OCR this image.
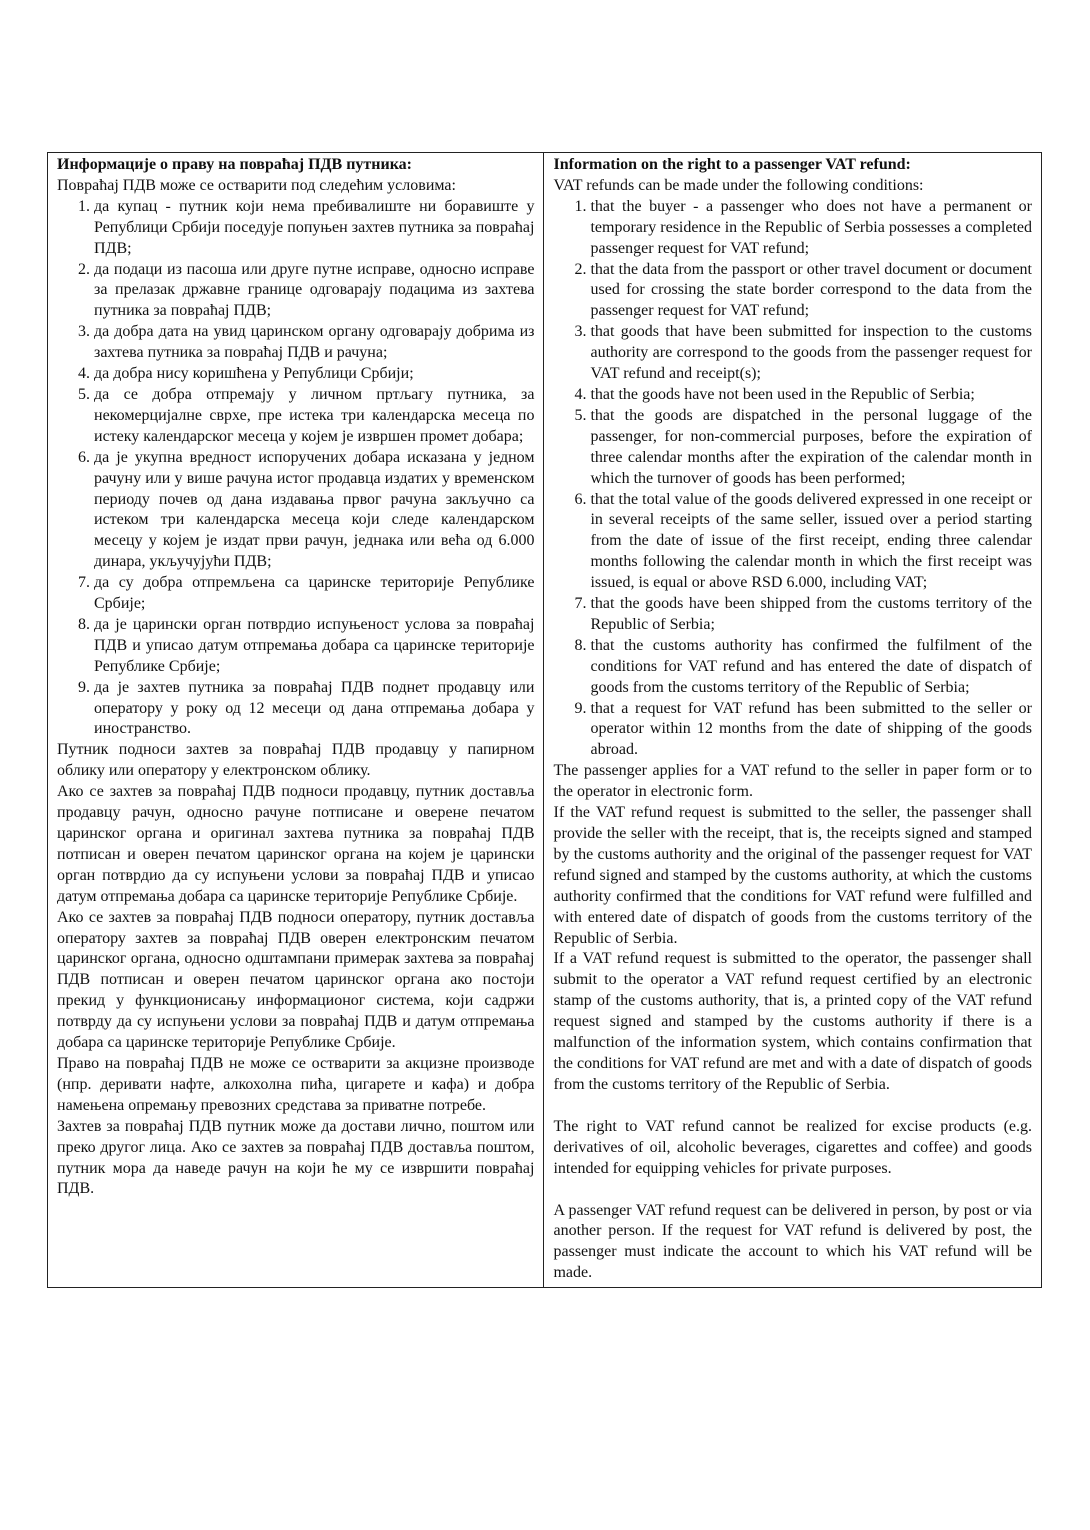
Информације о праву на повраћај ПДВ путника:

Повраћај ПДВ може се остварити под следећим условима:

1. да купац - путник који нема пребивалиште ни боравиште у Републици Србији поседује попуњен захтев путника за повраћај ПДВ;
2. да подаци из пасоша или друге путне исправе, односно исправе за прелазак државне границе одговарају подацима из захтева путника за повраћај ПДВ;
3. да добра дата на увид царинском органу одговарају добрима из захтева путника за повраћај ПДВ и рачуна;
4. да добра нису коришћена у Републици Србији;
5. да се добра отпремају у личном пртљагу путника, за некомерцијалне сврхе, пре истека три календарска месеца по истеку календарског месеца у којем је извршен промет добара;
6. да је укупна вредност испоручених добара исказана у једном рачуну или у више рачуна истог продавца издатих у временском периоду почев од дана издавања првог рачуна закључно са истеком три календарска месеца који следе календарском месецу у којем је издат први рачун, једнака или већа од 6.000 динара, укључујући ПДВ;
7. да су добра отпремљена са царинске територије Републике Србије;
8. да је царински орган потврдио испуњеност услова за повраћај ПДВ и уписао датум отпремања добара са царинске територије Републике Србије;
9. да је захтев путника за повраћај ПДВ поднет продавцу или оператору у року од 12 месеци од дана отпремања добара у иностранство.

Путник подноси захтев за повраћај ПДВ продавцу у папирном облику или оператору у електронском облику.

Ако се захтев за повраћај ПДВ подноси продавцу, путник доставља продавцу рачун, односно рачуне потписане и оверене печатом царинског органа и оригинал захтева путника за повраћај ПДВ потписан и оверен печатом царинског органа на којем је царински орган потврдио да су испуњени услови за повраћај ПДВ и уписао датум отпремања добара са царинске територије Републике Србије.

Ако се захтев за повраћај ПДВ подноси оператору, путник доставља оператору захтев за повраћај ПДВ оверен електронским печатом царинског органа, односно одштампани примерак захтева за повраћај ПДВ потписан и оверен печатом царинског органа ако постоји прекид у функционисању информационог система, који садржи потврду да су испуњени услови за повраћај ПДВ и датум отпремања добара са царинске територије Републике Србије.

Право на повраћај ПДВ не може се остварити за акцизне производе (нпр. деривати нафте, алкохолна пића, цигарете и кафа) и добра намењена опремању превозних средстава за приватне потребе.

Захтев за повраћај ПДВ путник може да достави лично, поштом или преко другог лица. Ако се захтев за повраћај ПДВ доставља поштом, путник мора да наведе рачун на који ће му се извршити повраћај ПДВ.

Information on the right to a passenger VAT refund:

VAT refunds can be made under the following conditions:

1. that the buyer - a passenger who does not have a permanent or temporary residence in the Republic of Serbia possesses a completed passenger request for VAT refund;
2. that the data from the passport or other travel document or document used for crossing the state border correspond to the data from the passenger request for VAT refund;
3. that goods that have been submitted for inspection to the customs authority are correspond to the goods from the passenger request for VAT refund and receipt(s);
4. that the goods have not been used in the Republic of Serbia;
5. that the goods are dispatched in the personal luggage of the passenger, for non-commercial purposes, before the expiration of three calendar months after the expiration of the calendar month in which the turnover of goods has been performed;
6. that the total value of the goods delivered expressed in one receipt or in several receipts of the same seller, issued over a period starting from the date of issue of the first receipt, ending three calendar months following the calendar month in which the first receipt was issued, is equal or above RSD 6.000, including VAT;
7. that the goods have been shipped from the customs territory of the Republic of Serbia;
8. that the customs authority has confirmed the fulfilment of the conditions for VAT refund and has entered the date of dispatch of goods from the customs territory of the Republic of Serbia;
9. that a request for VAT refund has been submitted to the seller or operator within 12 months from the date of shipping of the goods abroad.

The passenger applies for a VAT refund to the seller in paper form or to the operator in electronic form.

If the VAT refund request is submitted to the seller, the passenger shall provide the seller with the receipt, that is, the receipts signed and stamped by the customs authority and the original of the passenger request for VAT refund signed and stamped by the customs authority, at which the customs authority confirmed that the conditions for VAT refund were fulfilled and with entered date of dispatch of goods from the customs territory of the Republic of Serbia.

If a VAT refund request is submitted to the operator, the passenger shall submit to the operator a VAT refund request certified by an electronic stamp of the customs authority, that is, a printed copy of the VAT refund request signed and stamped by the customs authority if there is a malfunction of the information system, which contains confirmation that the conditions for VAT refund are met and with a date of dispatch of goods from the customs territory of the Republic of Serbia.

The right to VAT refund cannot be realized for excise products (e.g. derivatives of oil, alcoholic beverages, cigarettes and coffee) and goods intended for equipping vehicles for private purposes.

A passenger VAT refund request can be delivered in person, by post or via another person. If the request for VAT refund is delivered by post, the passenger must indicate the account to which his VAT refund will be made.
